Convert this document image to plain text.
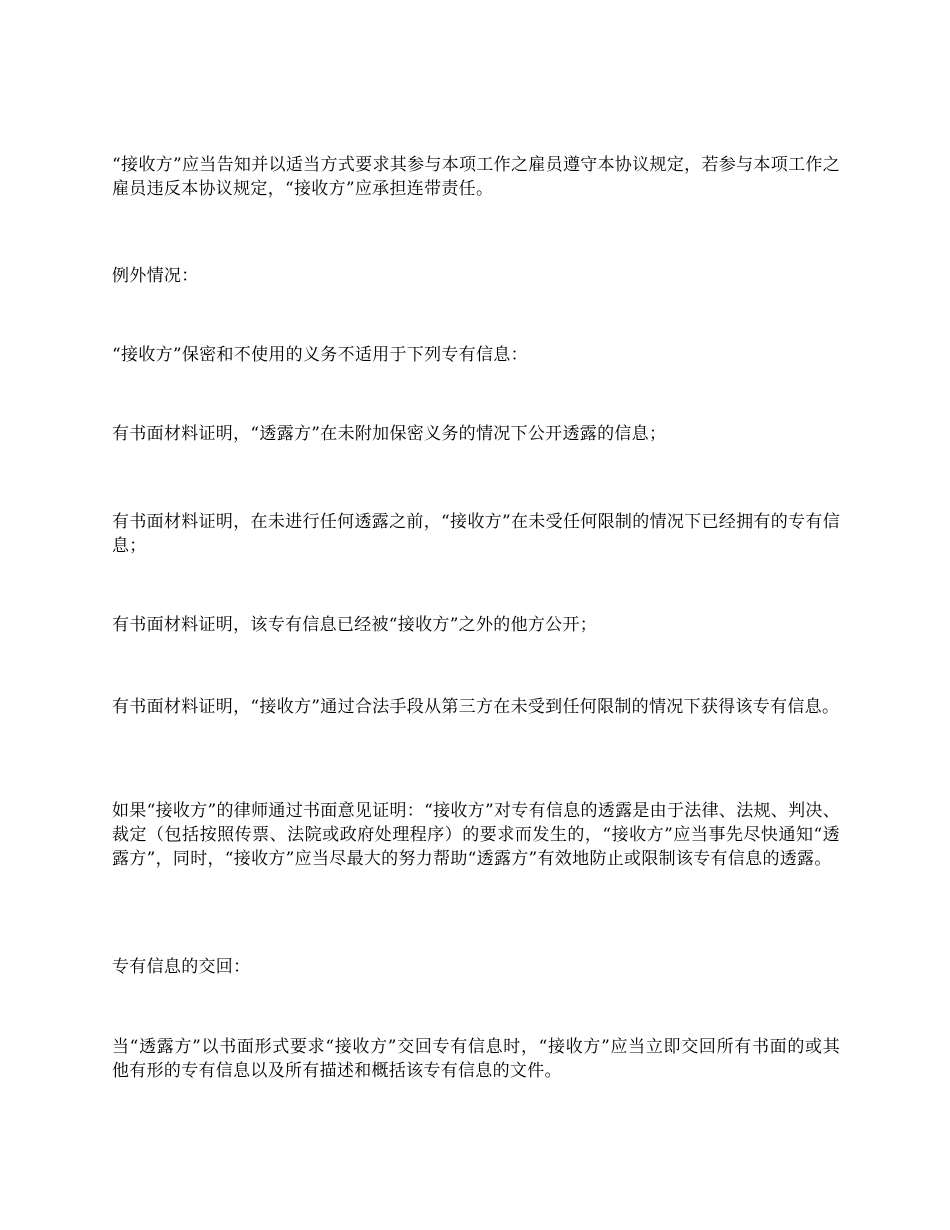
“接收方”应当告知并以适当方式要求其参与本项工作之雇员遵守本协议规定，若参与本项工作之雇员违反本协议规定，“接收方”应承担连带责任。

例外情况：

“接收方”保密和不使用的义务不适用于下列专有信息：

有书面材料证明，“透露方”在未附加保密义务的情况下公开透露的信息；

有书面材料证明，在未进行任何透露之前，“接收方”在未受任何限制的情况下已经拥有的专有信息；

有书面材料证明，该专有信息已经被“接收方”之外的他方公开；

有书面材料证明，“接收方”通过合法手段从第三方在未受到任何限制的情况下获得该专有信息。

如果“接收方”的律师通过书面意见证明：“接收方”对专有信息的透露是由于法律、法规、判决、裁定（包括按照传票、法院或政府处理程序）的要求而发生的，“接收方”应当事先尽快通知“透露方”，同时，“接收方”应当尽最大的努力帮助“透露方”有效地防止或限制该专有信息的透露。

专有信息的交回：

当“透露方”以书面形式要求“接收方”交回专有信息时，“接收方”应当立即交回所有书面的或其他有形的专有信息以及所有描述和概括该专有信息的文件。
